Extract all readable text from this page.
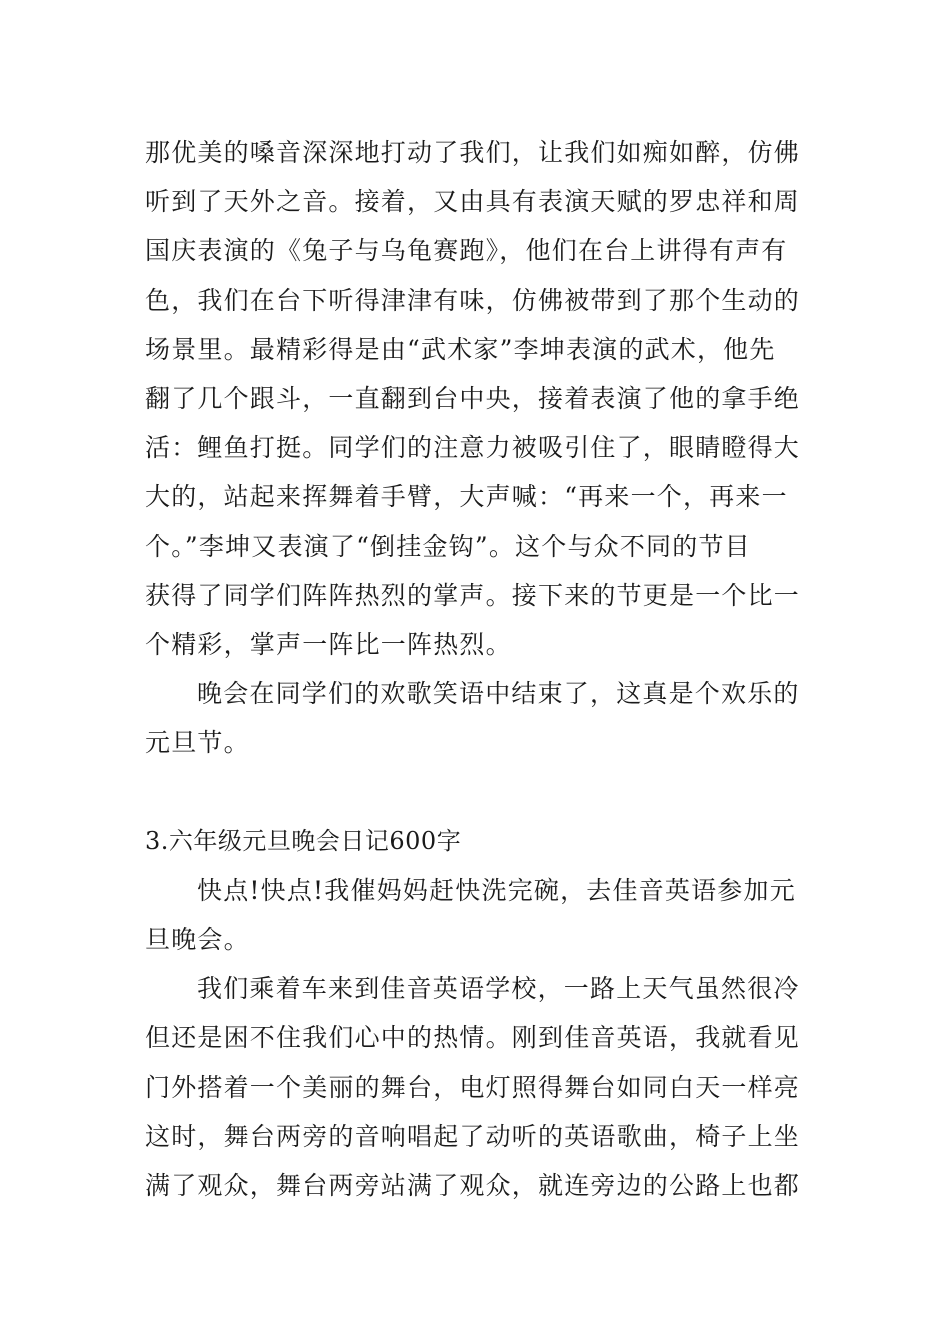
那优美的嗓音深深地打动了我们，让我们如痴如醉，仿佛
听到了天外之音。接着，又由具有表演天赋的罗忠祥和周
国庆表演的《兔子与乌龟赛跑》，他们在台上讲得有声有
色，我们在台下听得津津有味，仿佛被带到了那个生动的
场景里。最精彩得是由“武术家”李坤表演的武术，他先
翻了几个跟斗，一直翻到台中央，接着表演了他的拿手绝
活：鲤鱼打挺。同学们的注意力被吸引住了，眼睛瞪得大
大的，站起来挥舞着手臂，大声喊：“再来一个，再来一
个。”李坤又表演了“倒挂金钩”。这个与众不同的节目
获得了同学们阵阵热烈的掌声。接下来的节更是一个比一
个精彩，掌声一阵比一阵热烈。
晚会在同学们的欢歌笑语中结束了，这真是个欢乐的
元旦节。
3.六年级元旦晚会日记600字
快点!快点!我催妈妈赶快洗完碗，去佳音英语参加元
旦晚会。
我们乘着车来到佳音英语学校，一路上天气虽然很冷
但还是困不住我们心中的热情。刚到佳音英语，我就看见
门外搭着一个美丽的舞台，电灯照得舞台如同白天一样亮
这时，舞台两旁的音响唱起了动听的英语歌曲，椅子上坐
满了观众，舞台两旁站满了观众，就连旁边的公路上也都
